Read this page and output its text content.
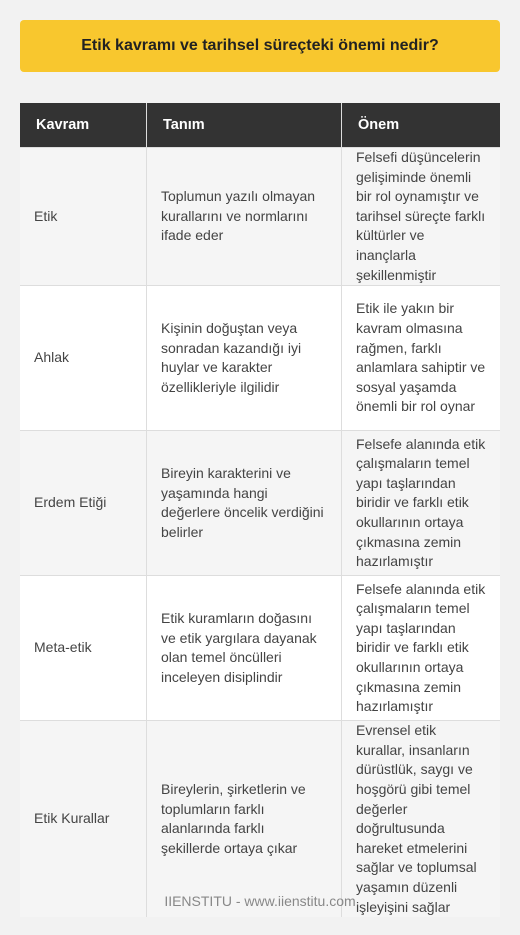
Etik kavramı ve tarihsel süreçteki önemi nedir?
Kavram	Tanım	Önem
Etik	Toplumun yazılı olmayan kurallarını ve normlarını ifade eder	Felsefi düşüncelerin gelişiminde önemli bir rol oynamıştır ve tarihsel süreçte farklı kültürler ve inançlarla şekillenmiştir
Ahlak	Kişinin doğuştan veya sonradan kazandığı iyi huylar ve karakter özellikleriyle ilgilidir	Etik ile yakın bir kavram olmasına rağmen, farklı anlamlara sahiptir ve sosyal yaşamda önemli bir rol oynar
Erdem Etiği	Bireyin karakterini ve yaşamında hangi değerlere öncelik verdiğini belirler	Felsefe alanında etik çalışmaların temel yapı taşlarından biridir ve farklı etik okullarının ortaya çıkmasına zemin hazırlamıştır
Meta-etik	Etik kuramların doğasını ve etik yargılara dayanak olan temel öncülleri inceleyen disiplindir	Felsefe alanında etik çalışmaların temel yapı taşlarından biridir ve farklı etik okullarının ortaya çıkmasına zemin hazırlamıştır
Etik Kurallar	Bireylerin, şirketlerin ve toplumların farklı alanlarında farklı şekillerde ortaya çıkar	Evrensel etik kurallar, insanların dürüstlük, saygı ve hoşgörü gibi temel değerler doğrultusunda hareket etmelerini sağlar ve toplumsal yaşamın düzenli işleyişini sağlar
IIENSTITU - www.iienstitu.com
